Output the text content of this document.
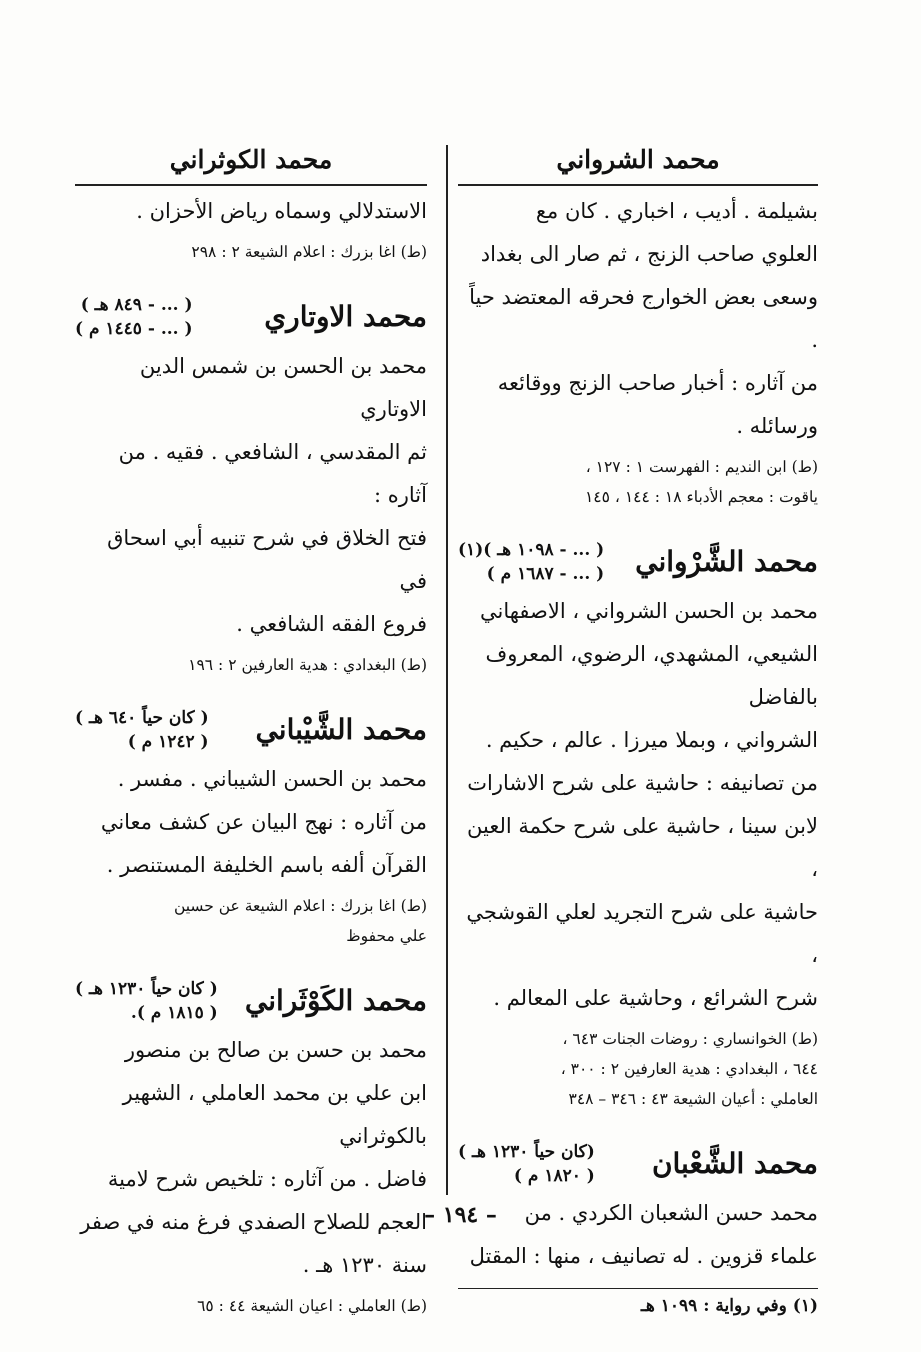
محمد الشرواني

بشيلمة . أديب ، اخباري . كان مع

العلوي صاحب الزنج ، ثم صار الى بغداد

وسعى بعض الخوارج فحرقه المعتضد حياً .

من آثاره : أخبار صاحب الزنج ووقائعه

ورسائله .

(ط) ابن النديم : الفهرست ١ : ١٢٧ ،

ياقوت : معجم الأدباء ١٨ : ١٤٤ ، ١٤٥

محمد الشَّرْواني
( ... - ١٠٩٨ هـ )(١)
( ... - ١٦٨٧ م )

محمد بن الحسن الشرواني ، الاصفهاني

الشيعي، المشهدي، الرضوي، المعروف بالفاضل

الشرواني ، وبملا ميرزا . عالم ، حكيم .

من تصانيفه : حاشية على شرح الاشارات

لابن سينا ، حاشية على شرح حكمة العين ،

حاشية على شرح التجريد لعلي القوشجي ،

شرح الشرائع ، وحاشية على المعالم .

(ط) الخوانساري : روضات الجنات ٦٤٣ ،

٦٤٤ ، البغدادي : هدية العارفين ٢ : ٣٠٠ ،

العاملي : أعيان الشيعة ٤٣ : ٣٤٦ – ٣٤٨

محمد الشَّعْبان
(كان حياً ١٢٣٠ هـ )
( ١٨٢٠ م )

محمد حسن الشعبان الكردي . من

علماء قزوين . له تصانيف ، منها : المقتل

(١) وفي رواية : ١٠٩٩ هـ
محمد الكوثراني

الاستدلالي وسماه رياض الأحزان .

(ط) اغا بزرك : اعلام الشيعة ٢ : ٢٩٨

محمد الاوتاري
( ... - ٨٤٩ هـ )
( ... - ١٤٤٥ م )

محمد بن الحسن بن شمس الدين الاوتاري

ثم المقدسي ، الشافعي . فقيه . من آثاره :

فتح الخلاق في شرح تنبيه أبي اسحاق في

فروع الفقه الشافعي .

(ط) البغدادي : هدية العارفين ٢ : ١٩٦

محمد الشَّيْباني
( كان حياً ٦٤٠ هـ )
( ١٢٤٢ م )

محمد بن الحسن الشيباني . مفسر .

من آثاره : نهج البيان عن كشف معاني

القرآن ألفه باسم الخليفة المستنصر .

(ط) اغا بزرك : اعلام الشيعة عن حسين

علي محفوظ

محمد الكَوْثَراني
( كان حياً ١٢٣٠ هـ )
( ١٨١٥ م ).

محمد بن حسن بن صالح بن منصور

ابن علي بن محمد العاملي ، الشهير بالكوثراني

فاضل . من آثاره : تلخيص شرح لامية

العجم للصلاح الصفدي فرغ منه في صفر

سنة ١٢٣٠ هـ .

(ط) العاملي : اعيان الشيعة ٤٤ : ٦٥

– ١٩٤ –
